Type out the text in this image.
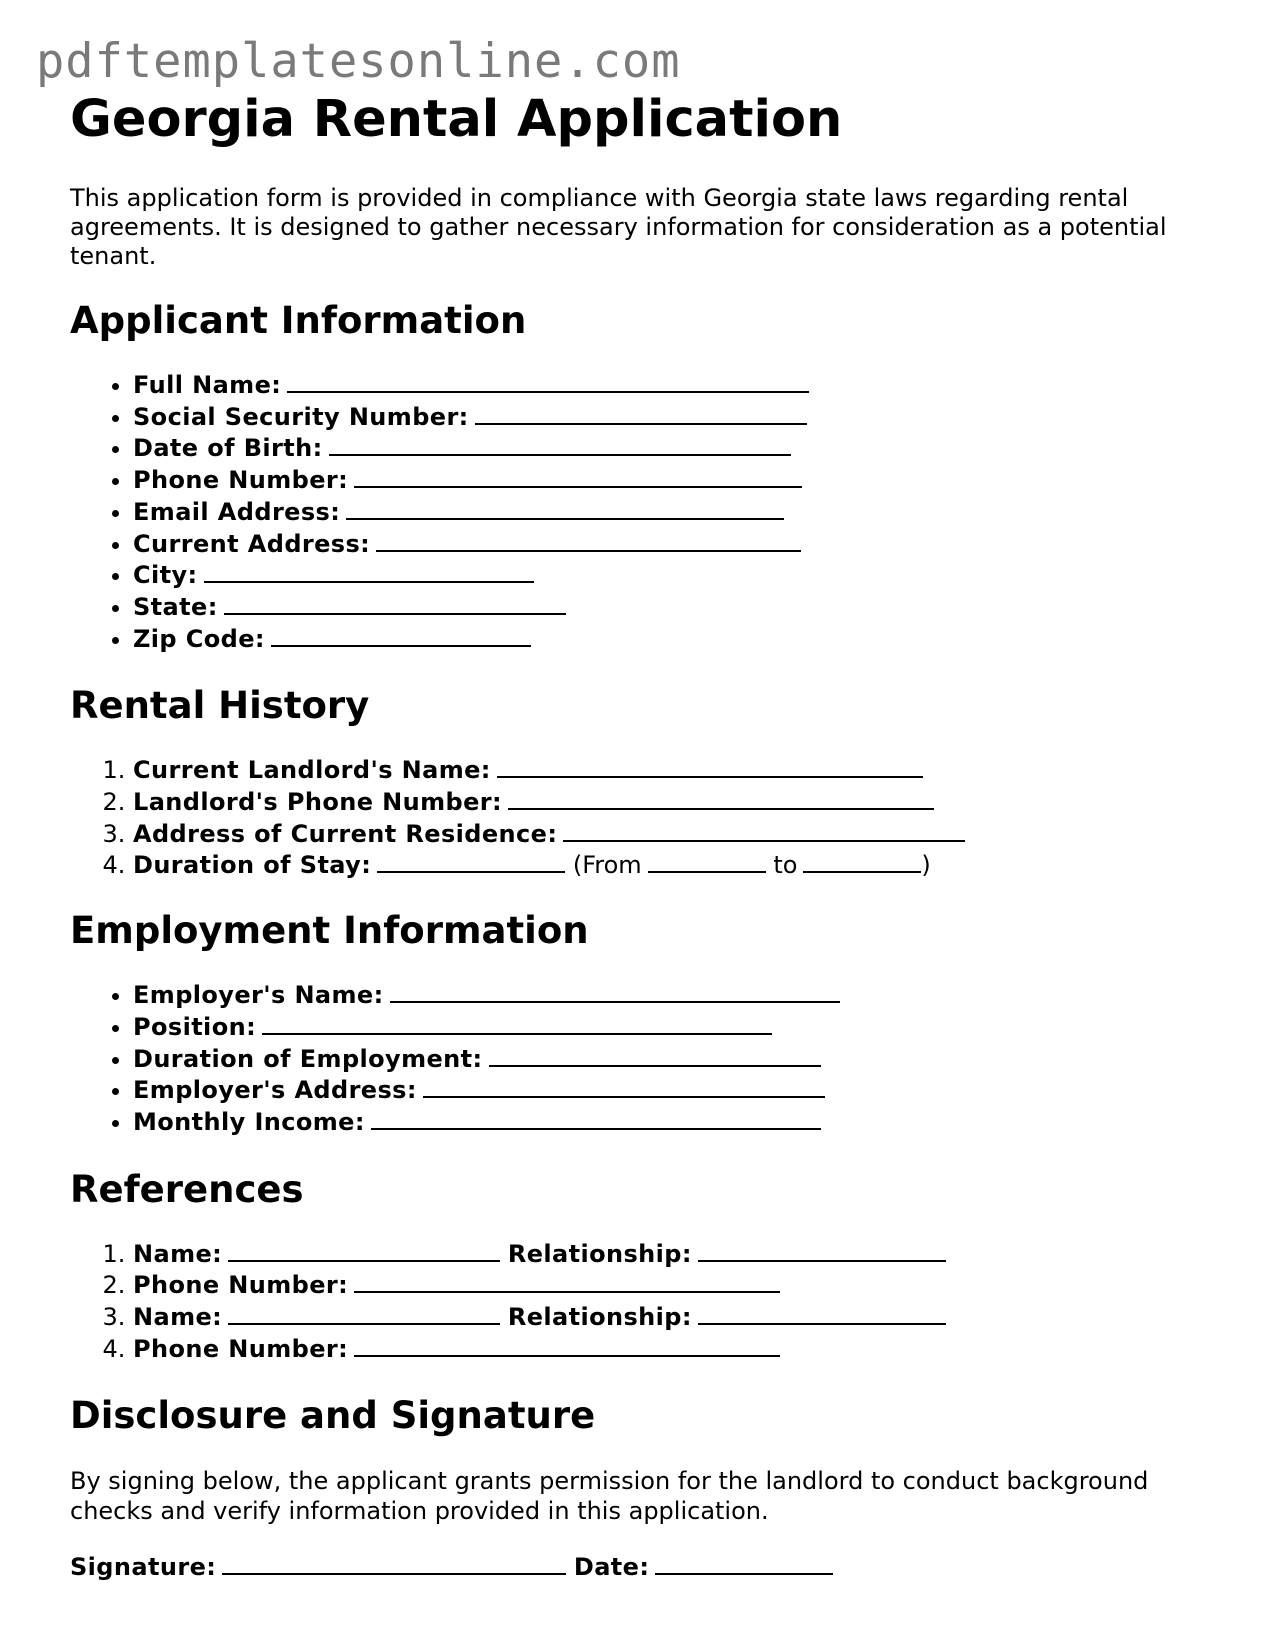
pdftemplatesonline.com
Georgia Rental Application

This application form is provided in compliance with Georgia state laws regarding rental agreements. It is designed to gather necessary information for consideration as a potential tenant.

Applicant Information
• Full Name:
• Social Security Number:
• Date of Birth:
• Phone Number:
• Email Address:
• Current Address:
• City:
• State:
• Zip Code:
Rental History
1. Current Landlord's Name:
2. Landlord's Phone Number:
3. Address of Current Residence:
4. Duration of Stay:	(From	to	)
Employment Information
• Employer's Name:
• Position:
• Duration of Employment:
• Employer's Address:
• Monthly Income:
References
1. Name:	Relationship:
2. Phone Number:
3. Name:	Relationship:
4. Phone Number:
Disclosure and Signature

By signing below, the applicant grants permission for the landlord to conduct background checks and verify information provided in this application.

Signature:	Date:
